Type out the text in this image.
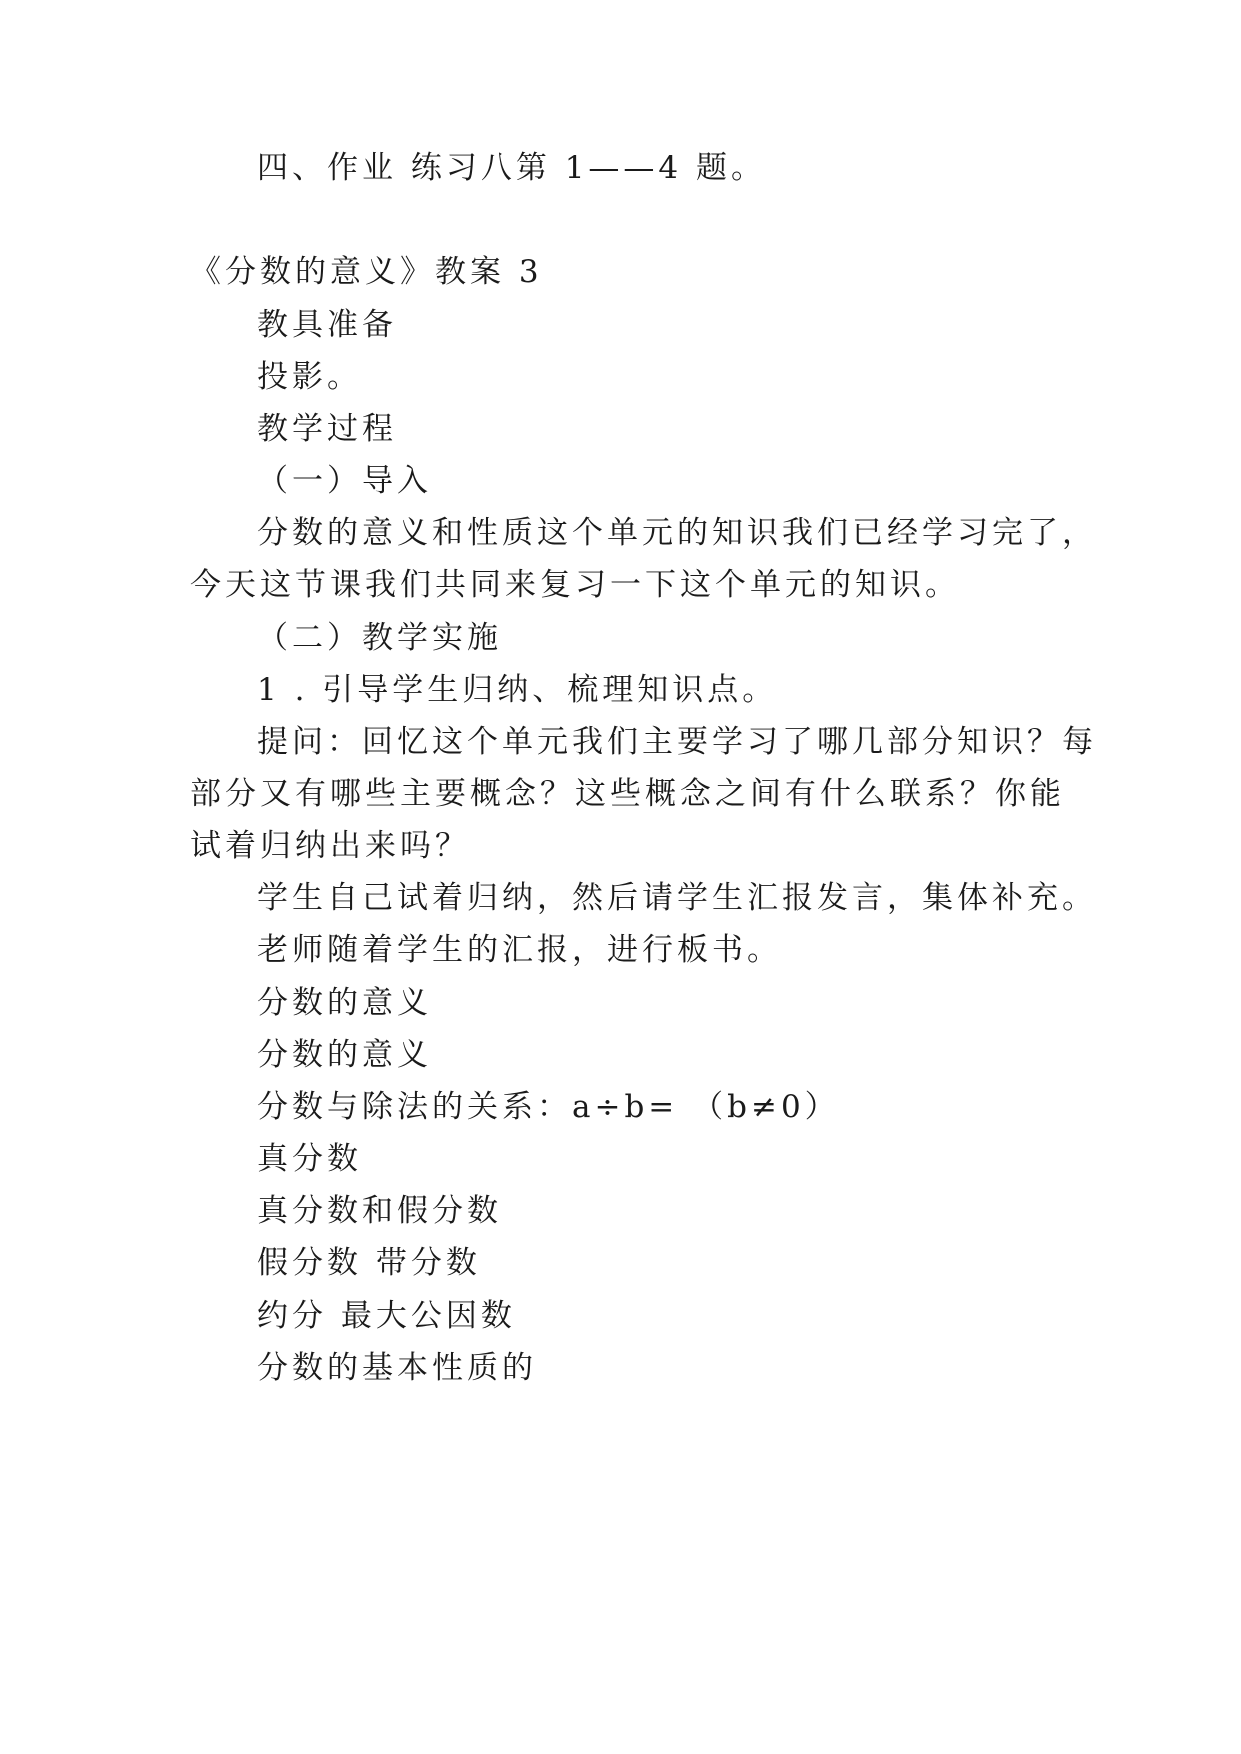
四、作业 练习八第 1——4 题。
《分数的意义》教案 3
教具准备
投影。
教学过程
（一）导入
分数的意义和性质这个单元的知识我们已经学习完了，
今天这节课我们共同来复习一下这个单元的知识。
（二）教学实施
1 . 引导学生归纳、梳理知识点。
提问：回忆这个单元我们主要学习了哪几部分知识？每
部分又有哪些主要概念？这些概念之间有什么联系？你能
试着归纳出来吗？
学生自己试着归纳，然后请学生汇报发言，集体补充。
老师随着学生的汇报，进行板书。
分数的意义
分数的意义
分数与除法的关系：a÷b= （b≠0）
真分数
真分数和假分数
假分数 带分数
约分 最大公因数
分数的基本性质的
